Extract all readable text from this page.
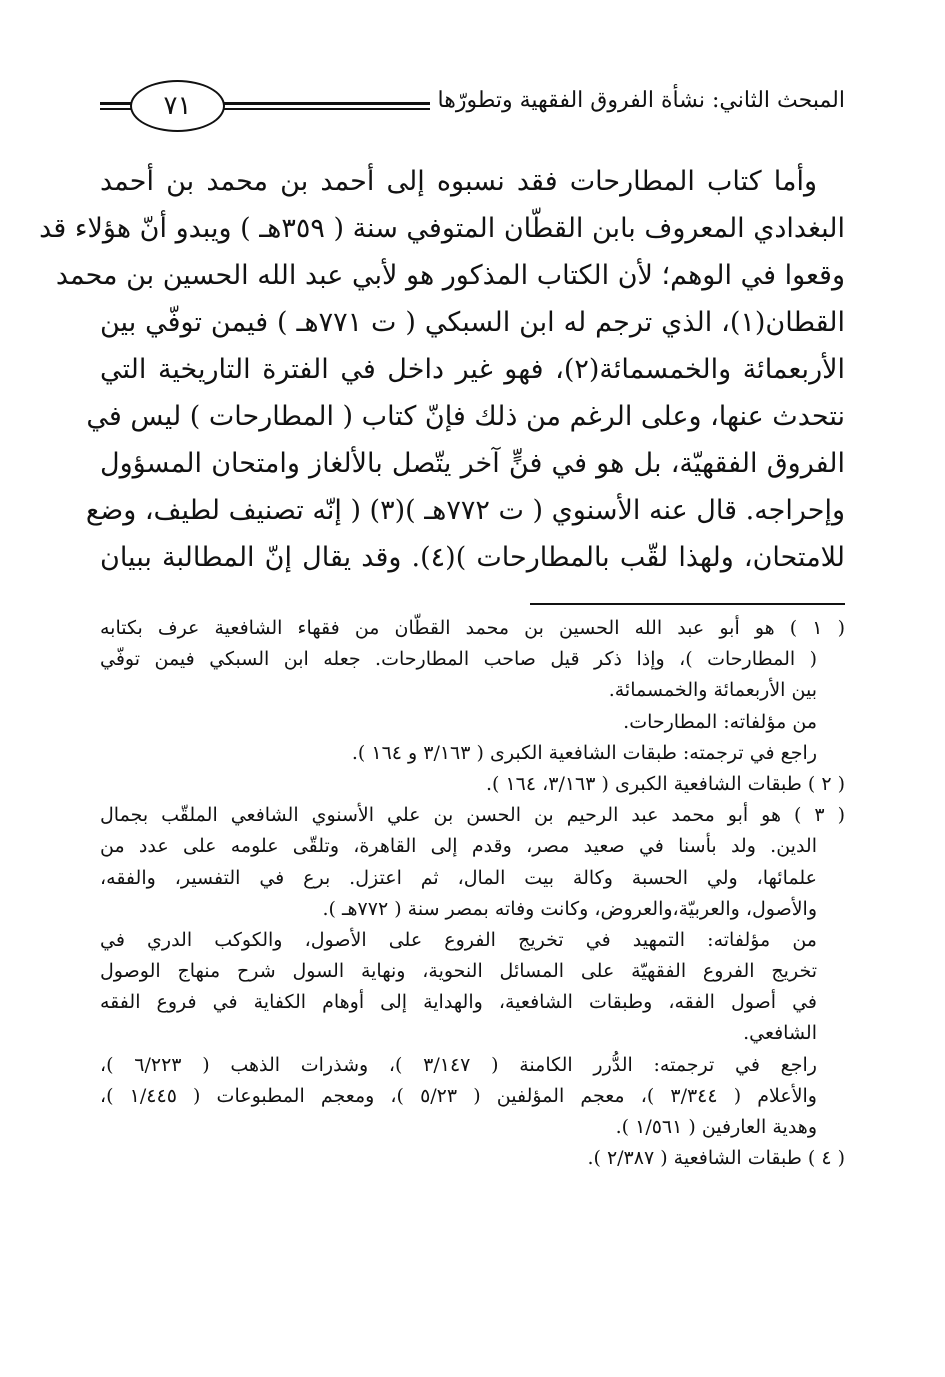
المبحث الثاني: نشأة الفروق الفقهية وتطورّها
٧١
وأما كتاب المطارحات فقد نسبوه إلى أحمد بن محمد بن أحمد
البغدادي المعروف بابن القطّان المتوفي سنة ( ٣٥٩هـ ) ويبدو أنّ هؤلاء قد
وقعوا في الوهم؛ لأن الكتاب المذكور هو لأبي عبد الله الحسين بن محمد
القطان(١)، الذي ترجم له ابن السبكي ( ت ٧٧١هـ ) فيمن توفّي بين
الأربعمائة والخمسمائة(٢)، فهو غير داخل في الفترة التاريخية التي
نتحدث عنها، وعلى الرغم من ذلك فإنّ كتاب ( المطارحات ) ليس في
الفروق الفقهيّة، بل هو في فنٍّ آخر يتّصل بالألغاز وامتحان المسؤول
وإحراجه. قال عنه الأسنوي ( ت ٧٧٢هـ )(٣) ( إنّه تصنيف لطيف، وضع
للامتحان، ولهذا لقّب بالمطارحات )(٤). وقد يقال إنّ المطالبة ببيان
( ١ ) هو أبو عبد الله الحسين بن محمد القطّان من فقهاء الشافعية عرف بكتابه
( المطارحات )، وإذا ذكر قيل صاحب المطارحات. جعله ابن السبكي فيمن توفّي
بين الأربعمائة والخمسمائة.
من مؤلفاته: المطارحات.
راجع في ترجمته: طبقات الشافعية الكبرى ( ٣/١٦٣ و ١٦٤ ).
( ٢ ) طبقات الشافعية الكبرى ( ٣/١٦٣، ١٦٤ ).
( ٣ ) هو أبو محمد عبد الرحيم بن الحسن بن علي الأسنوي الشافعي الملقّب بجمال
الدين. ولد بأسنا في صعيد مصر، وقدم إلى القاهرة، وتلقّى علومه على عدد من
علمائها، ولي الحسبة وكالة بيت المال، ثم اعتزل. برع في التفسير، والفقه،
والأصول، والعربيّة،والعروض، وكانت وفاته بمصر سنة ( ٧٧٢هـ ).
من مؤلفاته: التمهيد في تخريج الفروع على الأصول، والكوكب الدري في
تخريج الفروع الفقهيّة على المسائل النحوية، ونهاية السول شرح منهاج الوصول
في أصول الفقه، وطبقات الشافعية، والهداية إلى أوهام الكفاية في فروع الفقه
الشافعي.
راجع في ترجمته: الدُّرر الكامنة ( ٣/١٤٧ )، وشذرات الذهب ( ٦/٢٢٣ )،
والأعلام ( ٣/٣٤٤ )، معجم المؤلفين ( ٥/٢٣ )، ومعجم المطبوعات ( ١/٤٤٥ )،
وهدية العارفين ( ١/٥٦١ ).
( ٤ ) طبقات الشافعية ( ٢/٣٨٧ ).
